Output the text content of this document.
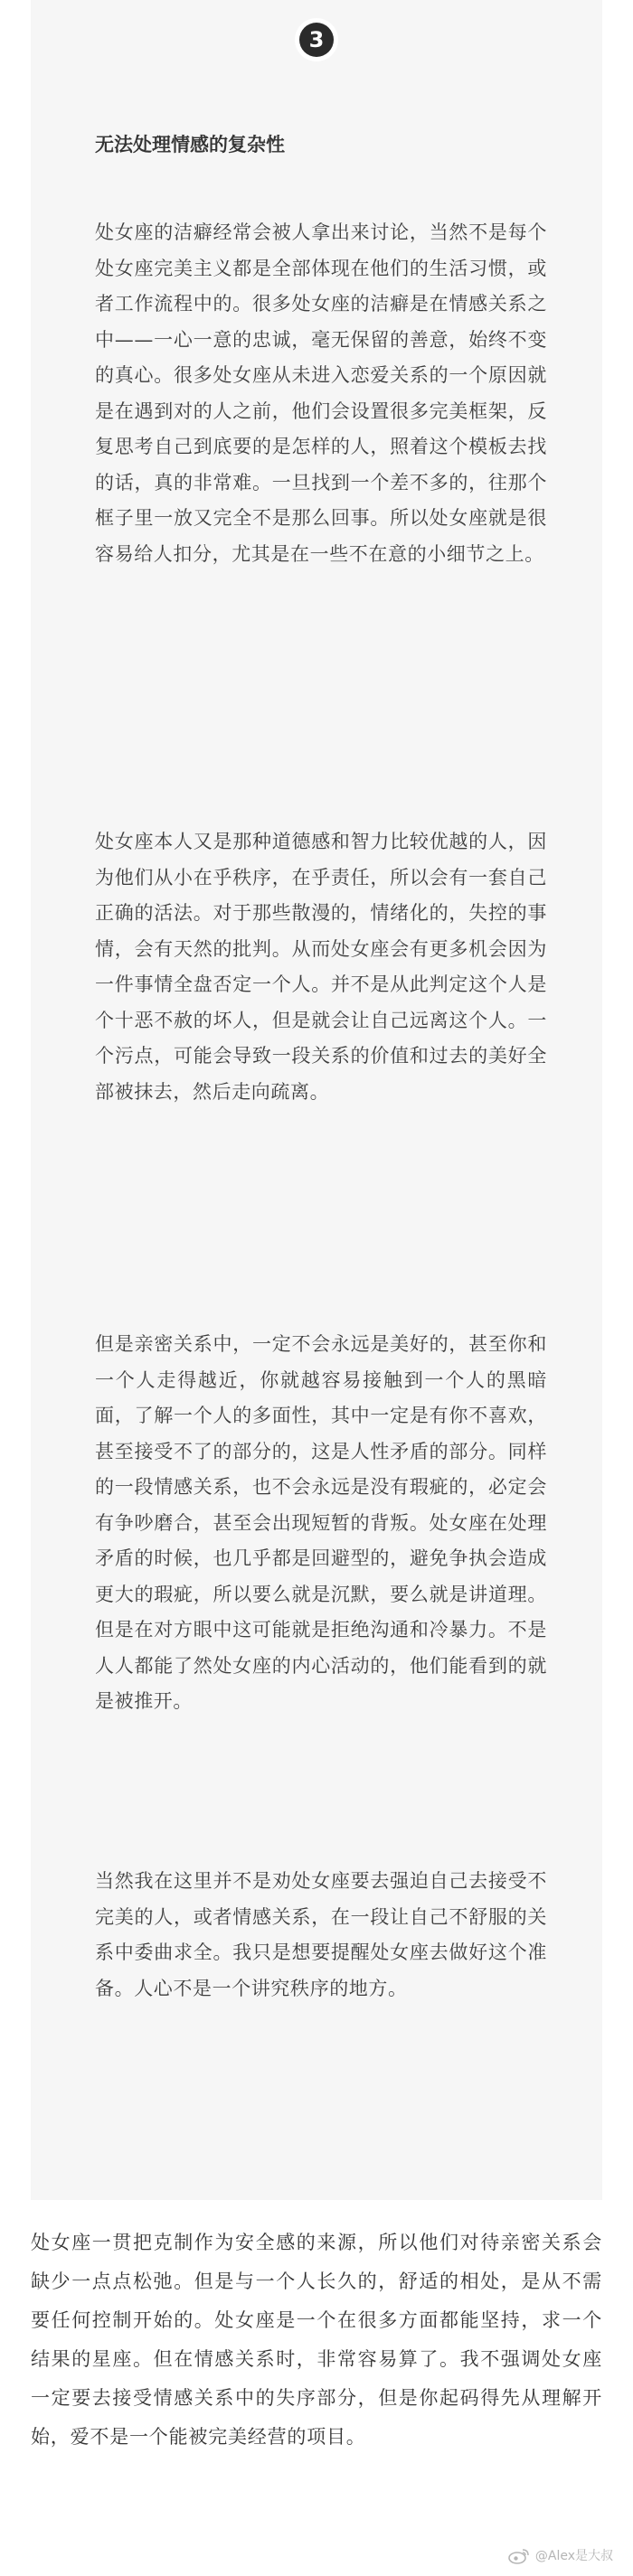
3
无法处理情感的复杂性

处女座的洁癖经常会被人拿出来讨论，当然不是每个处女座完美主义都是全部体现在他们的生活习惯，或者工作流程中的。很多处女座的洁癖是在情感关系之中——一心一意的忠诚，毫无保留的善意，始终不变的真心。很多处女座从未进入恋爱关系的一个原因就是在遇到对的人之前，他们会设置很多完美框架，反复思考自己到底要的是怎样的人，照着这个模板去找的话，真的非常难。一旦找到一个差不多的，往那个框子里一放又完全不是那么回事。所以处女座就是很容易给人扣分，尤其是在一些不在意的小细节之上。

处女座本人又是那种道德感和智力比较优越的人，因为他们从小在乎秩序，在乎责任，所以会有一套自己正确的活法。对于那些散漫的，情绪化的，失控的事情，会有天然的批判。从而处女座会有更多机会因为一件事情全盘否定一个人。并不是从此判定这个人是个十恶不赦的坏人，但是就会让自己远离这个人。一个污点，可能会导致一段关系的价值和过去的美好全部被抹去，然后走向疏离。

但是亲密关系中，一定不会永远是美好的，甚至你和一个人走得越近，你就越容易接触到一个人的黑暗面，了解一个人的多面性，其中一定是有你不喜欢，甚至接受不了的部分的，这是人性矛盾的部分。同样的一段情感关系，也不会永远是没有瑕疵的，必定会有争吵磨合，甚至会出现短暂的背叛。处女座在处理矛盾的时候，也几乎都是回避型的，避免争执会造成更大的瑕疵，所以要么就是沉默，要么就是讲道理。但是在对方眼中这可能就是拒绝沟通和冷暴力。不是人人都能了然处女座的内心活动的，他们能看到的就是被推开。

当然我在这里并不是劝处女座要去强迫自己去接受不完美的人，或者情感关系，在一段让自己不舒服的关系中委曲求全。我只是想要提醒处女座去做好这个准备。人心不是一个讲究秩序的地方。

处女座一贯把克制作为安全感的来源，所以他们对待亲密关系会缺少一点点松弛。但是与一个人长久的，舒适的相处，是从不需要任何控制开始的。处女座是一个在很多方面都能坚持，求一个结果的星座。但在情感关系时，非常容易算了。我不强调处女座一定要去接受情感关系中的失序部分，但是你起码得先从理解开始，爱不是一个能被完美经营的项目。

@Alex是大叔
